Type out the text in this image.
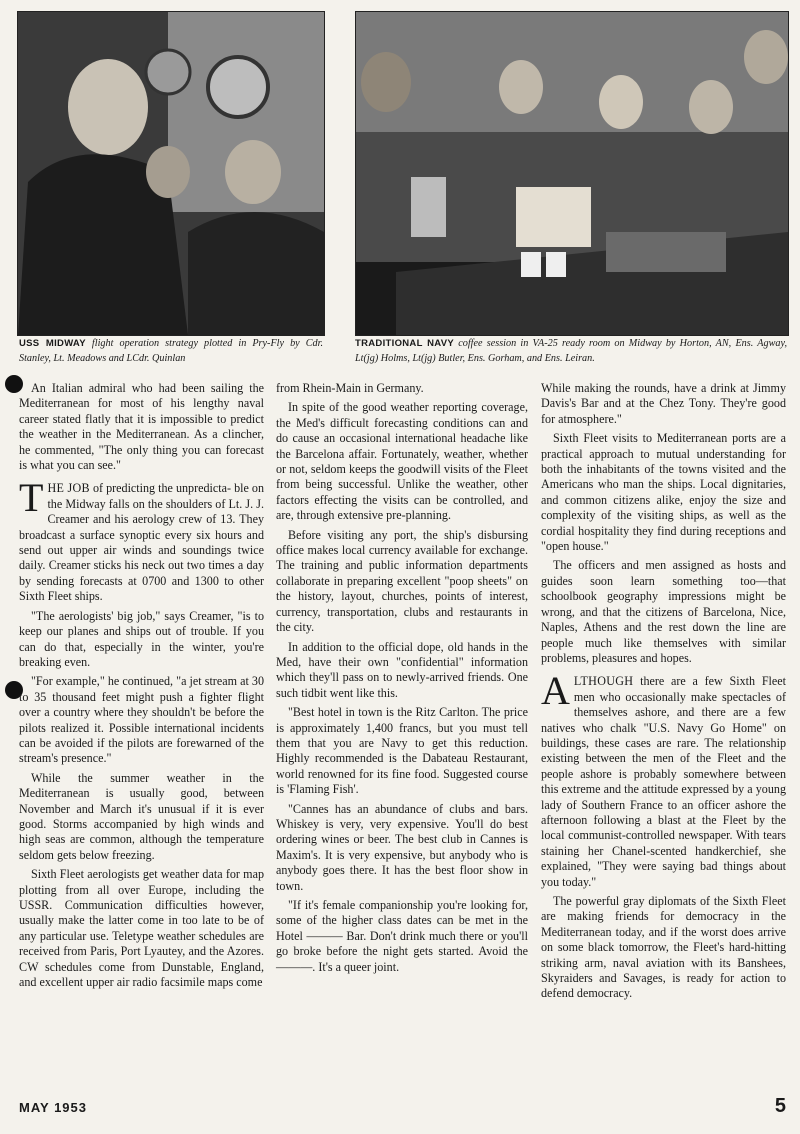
USS MIDWAY flight operation strategy plotted in Pry-Fly by Cdr. Stanley, Lt. Meadows and LCdr. Quinlan
TRADITIONAL NAVY coffee session in VA-25 ready room on Midway by Horton, AN, Ens. Agway, Lt(jg) Holms, Lt(jg) Butler, Ens. Gorham, and Ens. Leiran.

An Italian admiral who had been sailing the Mediterranean for most of his lengthy naval career stated flatly that it is impossible to predict the weather in the Mediterranean. As a clincher, he commented, "The only thing you can forecast is what you can see."

THE JOB of predicting the unpredicta- ble on the Midway falls on the shoulders of Lt. J. J. Creamer and his aerology crew of 13. They broadcast a surface synoptic every six hours and send out upper air winds and soundings twice daily. Creamer sticks his neck out two times a day by sending forecasts at 0700 and 1300 to other Sixth Fleet ships.

"The aerologists' big job," says Creamer, "is to keep our planes and ships out of trouble. If you can do that, especially in the winter, you're breaking even.

"For example," he continued, "a jet stream at 30 to 35 thousand feet might push a fighter flight over a country where they shouldn't be before the pilots realized it. Possible international incidents can be avoided if the pilots are forewarned of the stream's presence."

While the summer weather in the Mediterranean is usually good, between November and March it's unusual if it is ever good. Storms accompanied by high winds and high seas are common, although the temperature seldom gets below freezing.

Sixth Fleet aerologists get weather data for map plotting from all over Europe, including the USSR. Communication difficulties however, usually make the latter come in too late to be of any particular use. Teletype weather schedules are received from Paris, Port Lyautey, and the Azores. CW schedules come from Dunstable, England, and excellent upper air radio facsimile maps come

from Rhein-Main in Germany.

In spite of the good weather reporting coverage, the Med's difficult forecasting conditions can and do cause an occasional international headache like the Barcelona affair. Fortunately, weather, whether or not, seldom keeps the goodwill visits of the Fleet from being successful. Unlike the weather, other factors effecting the visits can be controlled, and are, through extensive pre-planning.

Before visiting any port, the ship's disbursing office makes local currency available for exchange. The training and public information departments collaborate in preparing excellent "poop sheets" on the history, layout, churches, points of interest, currency, transportation, clubs and restaurants in the city.

In addition to the official dope, old hands in the Med, have their own "confidential" information which they'll pass on to newly-arrived friends. One such tidbit went like this.

"Best hotel in town is the Ritz Carlton. The price is approximately 1,400 francs, but you must tell them that you are Navy to get this reduction. Highly recommended is the Dabateau Restaurant, world renowned for its fine food. Suggested course is 'Flaming Fish'.

"Cannes has an abundance of clubs and bars. Whiskey is very, very expensive. You'll do best ordering wines or beer. The best club in Cannes is Maxim's. It is very expensive, but anybody who is anybody goes there. It has the best floor show in town.

"If it's female companionship you're looking for, some of the higher class dates can be met in the Hotel ——— Bar. Don't drink much there or you'll go broke before the night gets started. Avoid the ———. It's a queer joint.

While making the rounds, have a drink at Jimmy Davis's Bar and at the Chez Tony. They're good for atmosphere."

Sixth Fleet visits to Mediterranean ports are a practical approach to mutual understanding for both the inhabitants of the towns visited and the Americans who man the ships. Local dignitaries, and common citizens alike, enjoy the size and complexity of the visiting ships, as well as the cordial hospitality they find during receptions and "open house."

The officers and men assigned as hosts and guides soon learn something too—that schoolbook geography impressions might be wrong, and that the citizens of Barcelona, Nice, Naples, Athens and the rest down the line are people much like themselves with similar problems, pleasures and hopes.

ALTHOUGH there are a few Sixth Fleet men who occasionally make spectacles of themselves ashore, and there are a few natives who chalk "U.S. Navy Go Home" on buildings, these cases are rare. The relationship existing between the men of the Fleet and the people ashore is probably somewhere between this extreme and the attitude expressed by a young lady of Southern France to an officer ashore the afternoon following a blast at the Fleet by the local communist-controlled newspaper. With tears staining her Chanel-scented handkerchief, she explained, "They were saying bad things about you today."

The powerful gray diplomats of the Sixth Fleet are making friends for democracy in the Mediterranean today, and if the worst does arrive on some black tomorrow, the Fleet's hard-hitting striking arm, naval aviation with its Banshees, Skyraiders and Savages, is ready for action to defend democracy.

MAY 1953	5
